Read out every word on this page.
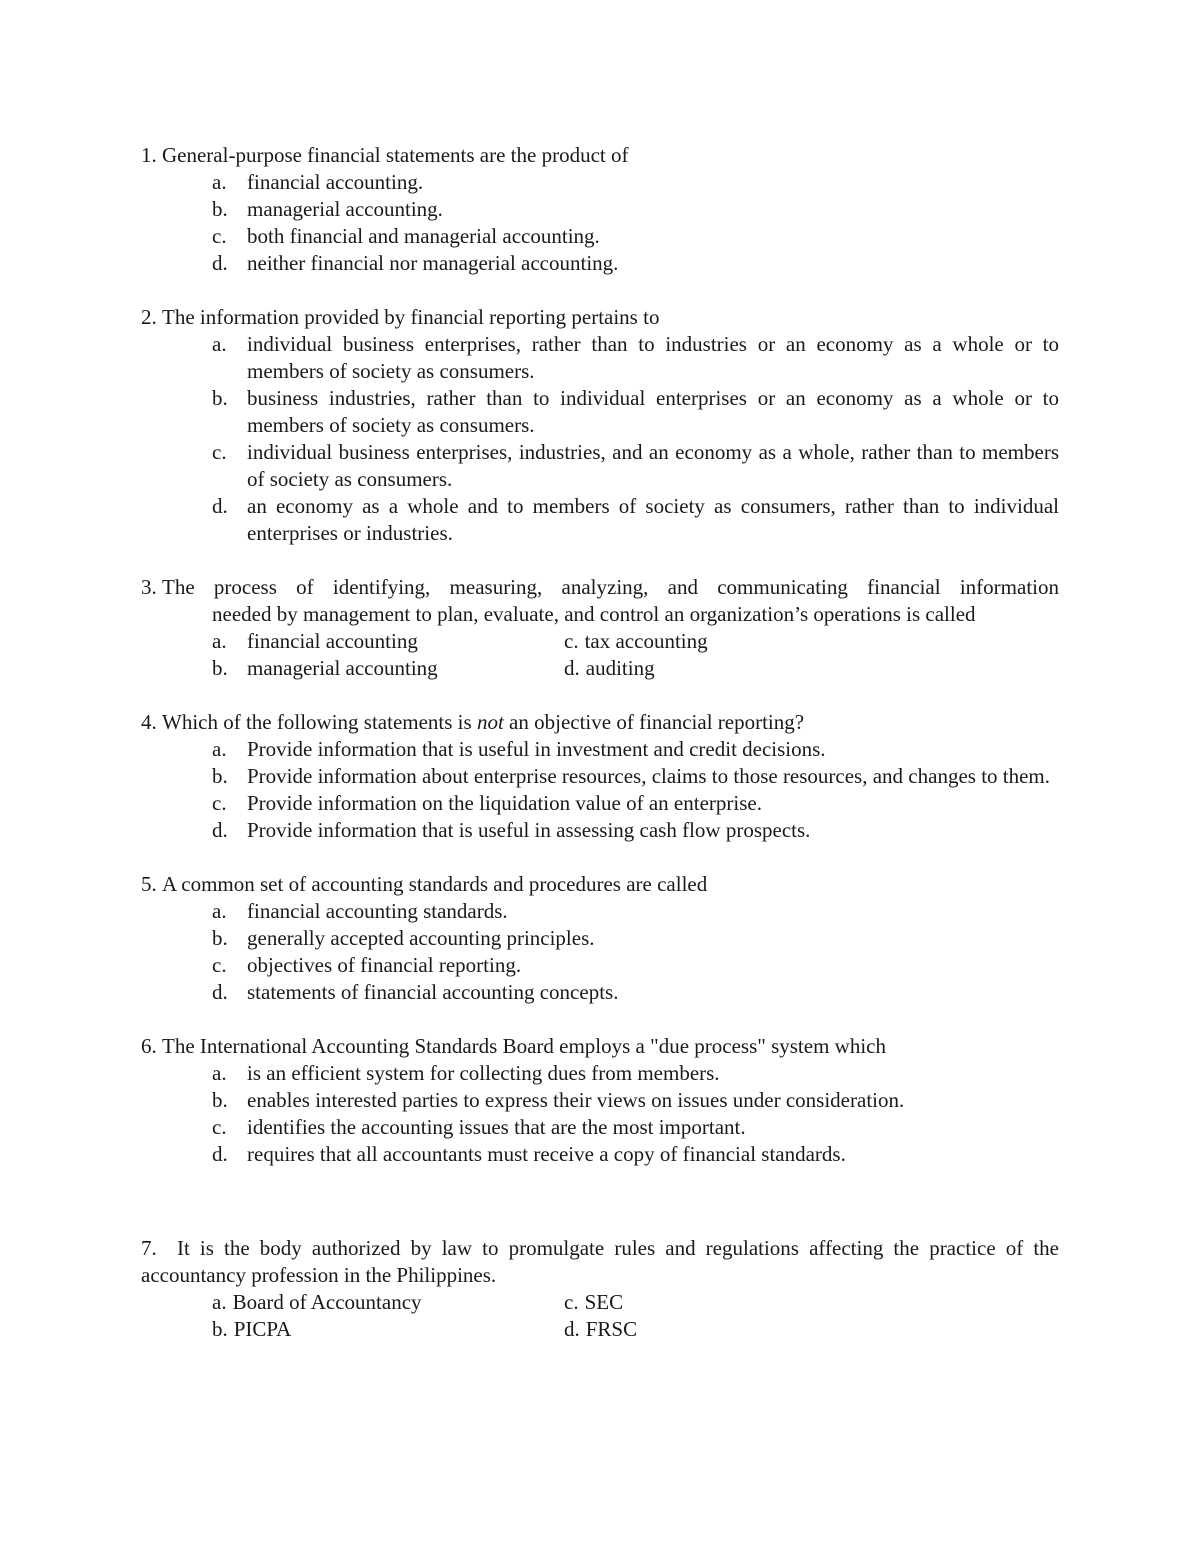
1. General-purpose financial statements are the product of
a. financial accounting.
b. managerial accounting.
c. both financial and managerial accounting.
d. neither financial nor managerial accounting.
2. The information provided by financial reporting pertains to
a. individual business enterprises, rather than to industries or an economy as a whole or to members of society as consumers.
b. business industries, rather than to individual enterprises or an economy as a whole or to members of society as consumers.
c. individual business enterprises, industries, and an economy as a whole, rather than to members of society as consumers.
d. an economy as a whole and to members of society as consumers, rather than to individual enterprises or industries.
3. The process of identifying, measuring, analyzing, and communicating financial information
needed by management to plan, evaluate, and control an organization’s operations is called
a. financial accounting	c. tax accounting
b. managerial accounting	d. auditing
4. Which of the following statements is not an objective of financial reporting?
a. Provide information that is useful in investment and credit decisions.
b. Provide information about enterprise resources, claims to those resources, and changes to them.
c. Provide information on the liquidation value of an enterprise.
d. Provide information that is useful in assessing cash flow prospects.
5. A common set of accounting standards and procedures are called
a. financial accounting standards.
b. generally accepted accounting principles.
c. objectives of financial reporting.
d. statements of financial accounting concepts.
6. The International Accounting Standards Board employs a "due process" system which
a. is an efficient system for collecting dues from members.
b. enables interested parties to express their views on issues under consideration.
c. identifies the accounting issues that are the most important.
d. requires that all accountants must receive a copy of financial standards.
7. It is the body authorized by law to promulgate rules and regulations affecting the practice of the accountancy profession in the Philippines.
a. Board of Accountancy	c. SEC
b. PICPA	d. FRSC
